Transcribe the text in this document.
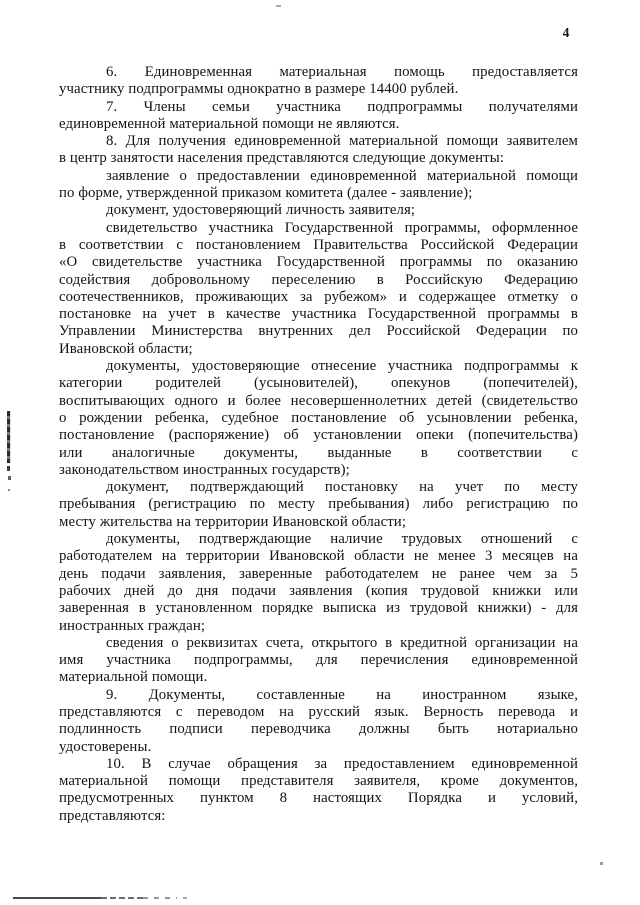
4
6. Единовременная материальная помощь предоставляется
участнику подпрограммы однократно в размере 14400 рублей.
7. Члены семьи участника подпрограммы получателями
единовременной материальной помощи не являются.
8. Для получения единовременной материальной помощи заявителем
в центр занятости населения представляются следующие документы:
заявление о предоставлении единовременной материальной помощи
по форме, утвержденной приказом комитета (далее - заявление);
документ, удостоверяющий личность заявителя;
свидетельство участника Государственной программы, оформленное
в соответствии с постановлением Правительства Российской Федерации
«О свидетельстве участника Государственной программы по оказанию
содействия добровольному переселению в Российскую Федерацию
соотечественников, проживающих за рубежом» и содержащее отметку о
постановке на учет в качестве участника Государственной программы в
Управлении Министерства внутренних дел Российской Федерации по
Ивановской области;
документы, удостоверяющие отнесение участника подпрограммы к
категории родителей (усыновителей), опекунов (попечителей),
воспитывающих одного и более несовершеннолетних детей (свидетельство
о рождении ребенка, судебное постановление об усыновлении ребенка,
постановление (распоряжение) об установлении опеки (попечительства)
или аналогичные документы, выданные в соответствии с
законодательством иностранных государств);
документ, подтверждающий постановку на учет по месту
пребывания (регистрацию по месту пребывания) либо регистрацию по
месту жительства на территории Ивановской области;
документы, подтверждающие наличие трудовых отношений с
работодателем на территории Ивановской области не менее 3 месяцев на
день подачи заявления, заверенные работодателем не ранее чем за 5
рабочих дней до дня подачи заявления (копия трудовой книжки или
заверенная в установленном порядке выписка из трудовой книжки) - для
иностранных граждан;
сведения о реквизитах счета, открытого в кредитной организации на
имя участника подпрограммы, для перечисления единовременной
материальной помощи.
9. Документы, составленные на иностранном языке,
представляются с переводом на русский язык. Верность перевода и
подлинность подписи переводчика должны быть нотариально
удостоверены.
10. В случае обращения за предоставлением единовременной
материальной помощи представителя заявителя, кроме документов,
предусмотренных пунктом 8 настоящих Порядка и условий,
представляются:
